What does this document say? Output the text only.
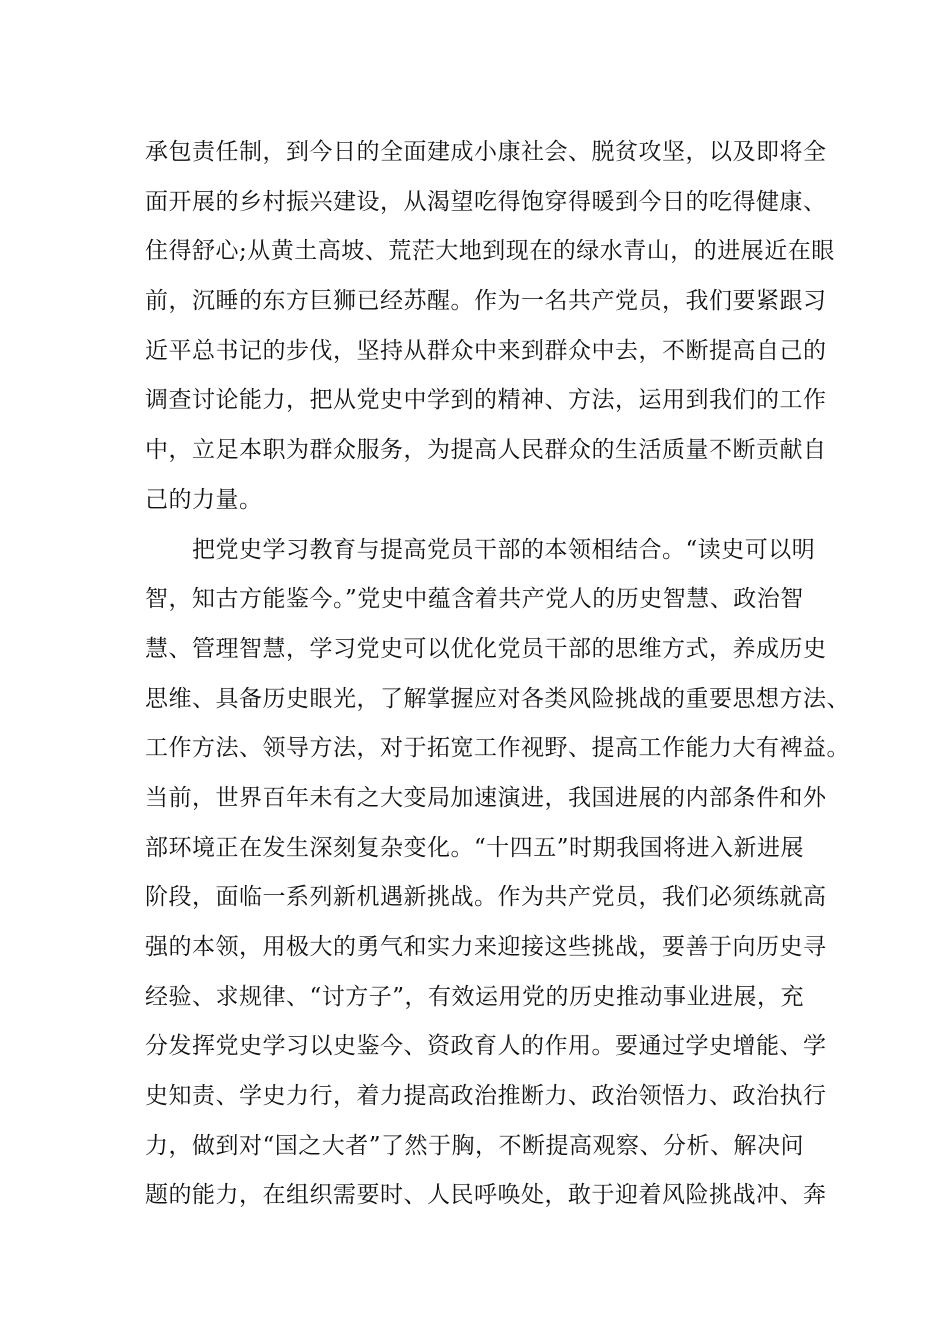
承包责任制，到今日的全面建成小康社会、脱贫攻坚，以及即将全
面开展的乡村振兴建设，从渴望吃得饱穿得暖到今日的吃得健康、
住得舒心;从黄土高坡、荒茫大地到现在的绿水青山，的进展近在眼
前，沉睡的东方巨狮已经苏醒。作为一名共产党员，我们要紧跟习
近平总书记的步伐，坚持从群众中来到群众中去，不断提高自己的
调查讨论能力，把从党史中学到的精神、方法，运用到我们的工作
中，立足本职为群众服务，为提高人民群众的生活质量不断贡献自
己的力量。
　　把党史学习教育与提高党员干部的本领相结合。“读史可以明
智，知古方能鉴今。”党史中蕴含着共产党人的历史智慧、政治智
慧、管理智慧，学习党史可以优化党员干部的思维方式，养成历史
思维、具备历史眼光，了解掌握应对各类风险挑战的重要思想方法、
工作方法、领导方法，对于拓宽工作视野、提高工作能力大有裨益。
当前，世界百年未有之大变局加速演进，我国进展的内部条件和外
部环境正在发生深刻复杂变化。“十四五”时期我国将进入新进展
阶段，面临一系列新机遇新挑战。作为共产党员，我们必须练就高
强的本领，用极大的勇气和实力来迎接这些挑战，要善于向历史寻
经验、求规律、“讨方子”，有效运用党的历史推动事业进展，充
分发挥党史学习以史鉴今、资政育人的作用。要通过学史增能、学
史知责、学史力行，着力提高政治推断力、政治领悟力、政治执行
力，做到对“国之大者”了然于胸，不断提高观察、分析、解决问
题的能力，在组织需要时、人民呼唤处，敢于迎着风险挑战冲、奔
